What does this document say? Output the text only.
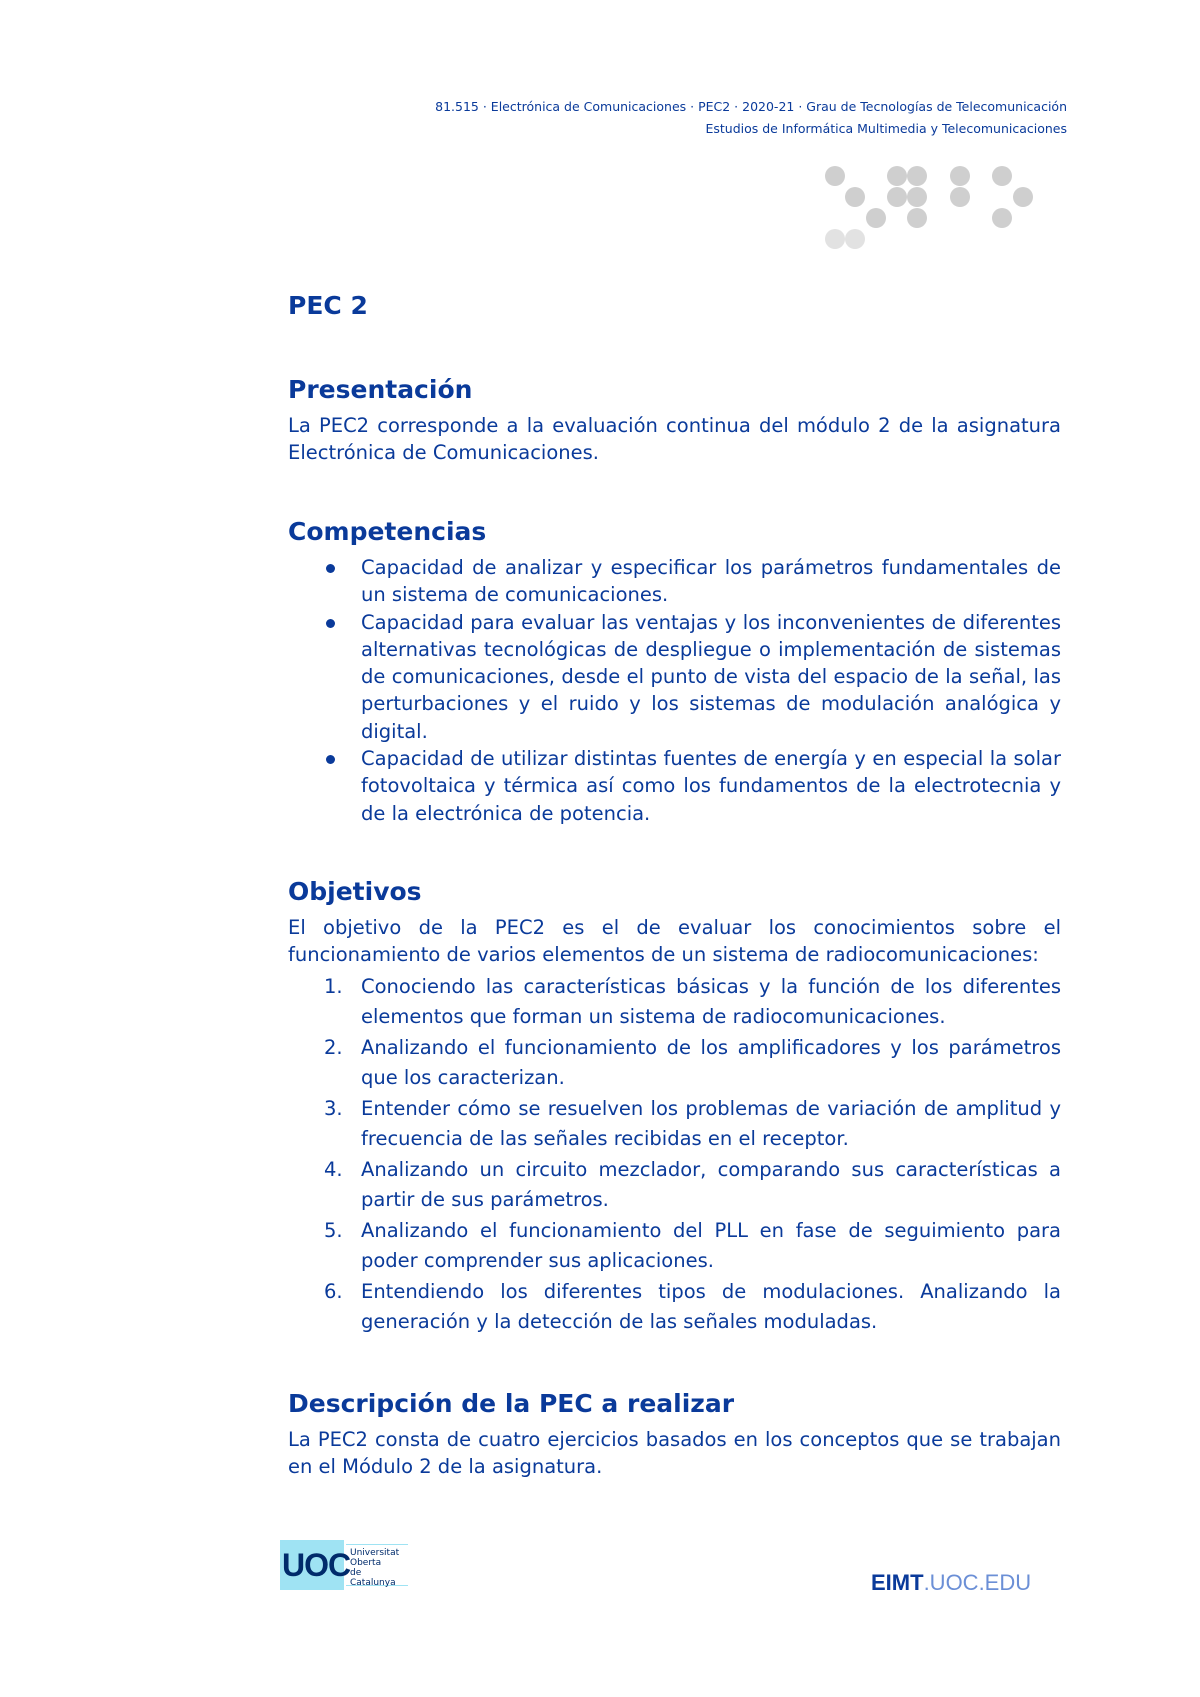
81.515 · Electrónica de Comunicaciones · PEC2 · 2020-21 · Grau de Tecnologías de Telecomunicación
Estudios de Informática Multimedia y Telecomunicaciones
PEC 2
Presentación

La PEC2 corresponde a la evaluación continua del módulo 2 de la asignatura Electrónica de Comunicaciones.

Competencias
Capacidad de analizar y especificar los parámetros fundamentales de un sistema de comunicaciones.
Capacidad para evaluar las ventajas y los inconvenientes de diferentes alternativas tecnológicas de despliegue o implementación de sistemas de comunicaciones, desde el punto de vista del espacio de la señal, las perturbaciones y el ruido y los sistemas de modulación analógica y digital.
Capacidad de utilizar distintas fuentes de energía y en especial la solar fotovoltaica y térmica así como los fundamentos de la electrotecnia y de la electrónica de potencia.
Objetivos

El objetivo de la PEC2 es el de evaluar los conocimientos sobre el funcionamiento de varios elementos de un sistema de radiocomunicaciones:

1. Conociendo las características básicas y la función de los diferentes elementos que forman un sistema de radiocomunicaciones.
2. Analizando el funcionamiento de los amplificadores y los parámetros que los caracterizan.
3. Entender cómo se resuelven los problemas de variación de amplitud y frecuencia de las señales recibidas en el receptor.
4. Analizando un circuito mezclador, comparando sus características a partir de sus parámetros.
5. Analizando el funcionamiento del PLL en fase de seguimiento para poder comprender sus aplicaciones.
6. Entendiendo los diferentes tipos de modulaciones. Analizando la generación y la detección de las señales moduladas.
Descripción de la PEC a realizar

La PEC2 consta de cuatro ejercicios basados en los conceptos que se trabajan en el Módulo 2 de la asignatura.

UOC Universitat
Oberta
de Catalunya	EIMT.UOC.EDU
